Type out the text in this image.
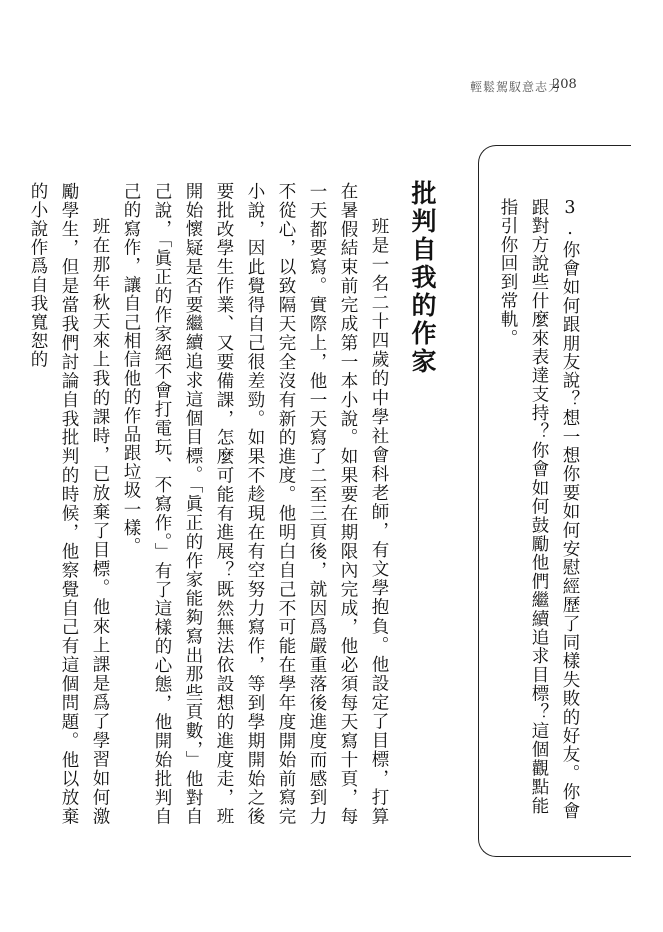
輕鬆駕馭意志力
208
3.你會如何跟朋友說？想一想你要如何安慰經歷了同樣失敗的好友。你會跟對方說些什麼來表達支持？你會如何鼓勵他們繼續追求目標？這個觀點能指引你回到常軌。
批判自我的作家

班是一名二十四歲的中學社會科老師，有文學抱負。他設定了目標，打算在暑假結束前完成第一本小說。如果要在期限內完成，他必須每天寫十頁，每一天都要寫。實際上，他一天寫了二至三頁後，就因爲嚴重落後進度而感到力不從心，以致隔天完全沒有新的進度。他明白自己不可能在學年度開始前寫完小說，因此覺得自己很差勁。如果不趁現在有空努力寫作，等到學期開始之後要批改學生作業、又要備課，怎麼可能有進展？既然無法依設想的進度走，班開始懷疑是否要繼續追求這個目標。「眞正的作家能夠寫出那些頁數，」他對自己說，「眞正的作家絕不會打電玩、不寫作。」有了這樣的心態，他開始批判自己的寫作，讓自己相信他的作品跟垃圾一樣。

班在那年秋天來上我的課時，已放棄了目標。他來上課是爲了學習如何激勵學生，但是當我們討論自我批判的時候，他察覺自己有這個問題。他以放棄的小說作爲自我寬恕的
